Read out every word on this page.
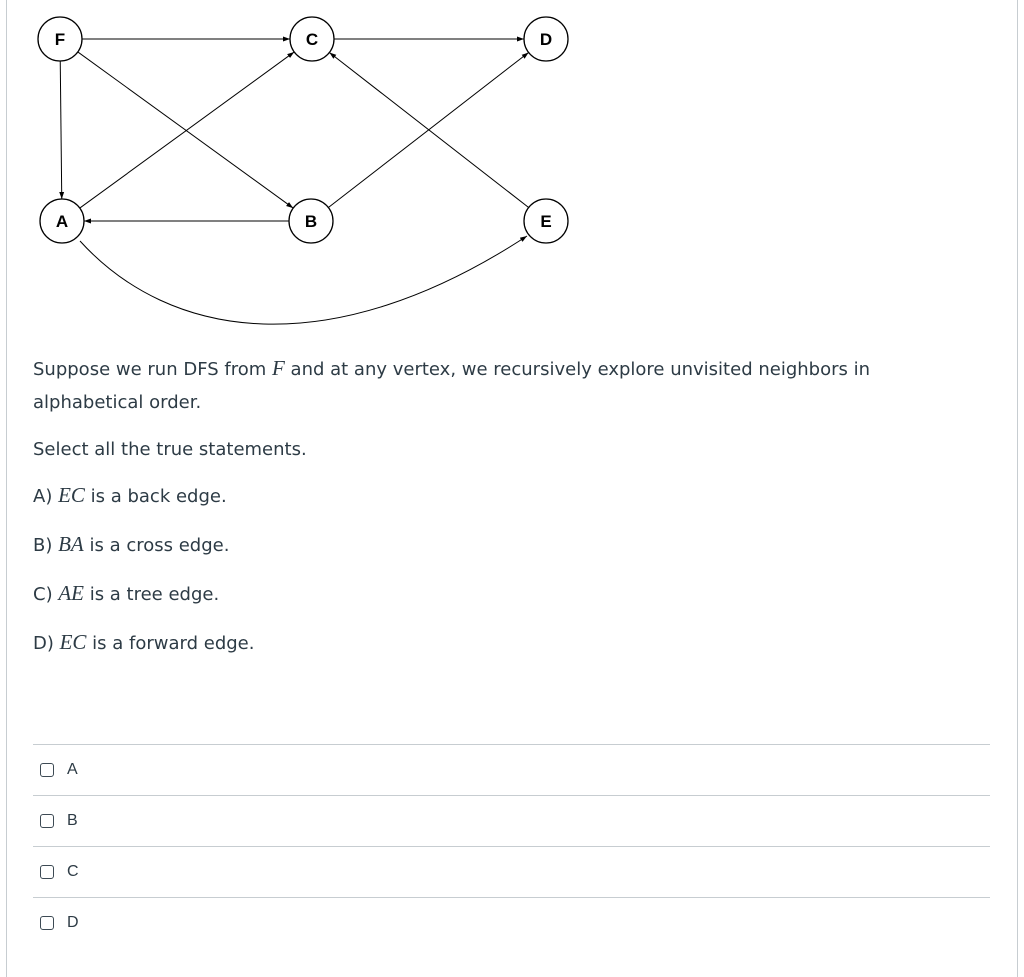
F	C	D
A	B	E
Suppose we run DFS from F and at any vertex, we recursively explore unvisited neighbors in alphabetical order.
Select all the true statements.
A) EC is a back edge.
B) BA is a cross edge.
C) AE is a tree edge.
D) EC is a forward edge.
A
B
C
D
